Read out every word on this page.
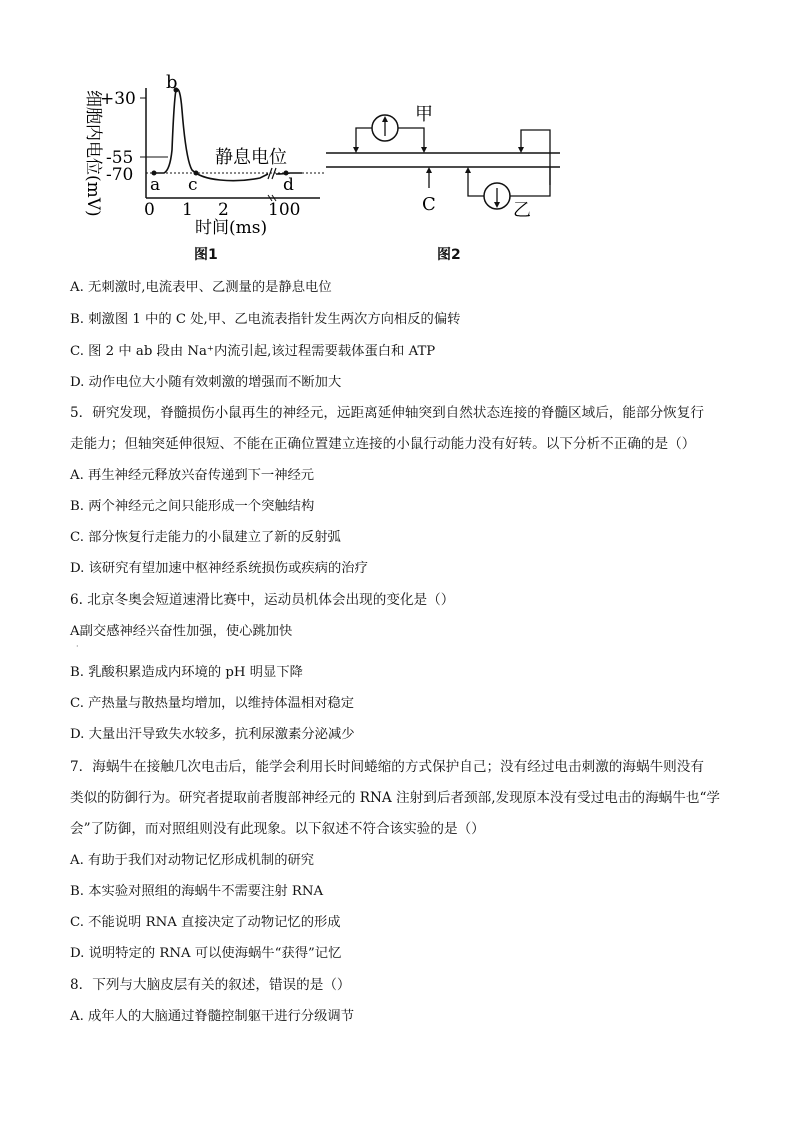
细胞内电位(mV)
+30
-55
-70 a
b
c	d
静息电位
0 1 2 100
时间(ms)
甲
乙
C
图1	图2
A. 无刺激时,电流表甲、乙测量的是静息电位
B. 刺激图 1 中的 C 处,甲、乙电流表指针发生两次方向相反的偏转
C. 图 2 中 ab 段由 Na⁺内流引起,该过程需要载体蛋白和 ATP
D. 动作电位大小随有效刺激的增强而不断加大
5．研究发现，脊髓损伤小鼠再生的神经元，远距离延伸轴突到自然状态连接的脊髓区域后，能部分恢复行
走能力；但轴突延伸很短、不能在正确位置建立连接的小鼠行动能力没有好转。以下分析不正确的是（）
A. 再生神经元释放兴奋传递到下一神经元
B. 两个神经元之间只能形成一个突触结构
C. 部分恢复行走能力的小鼠建立了新的反射弧
D. 该研究有望加速中枢神经系统损伤或疾病的治疗
6. 北京冬奥会短道速滑比赛中，运动员机体会出现的变化是（）
A副交感神经兴奋性加强，使心跳加快
·
B. 乳酸积累造成内环境的 pH 明显下降
C. 产热量与散热量均增加，以维持体温相对稳定
D. 大量出汗导致失水较多，抗利尿激素分泌减少
7．海蜗牛在接触几次电击后，能学会利用长时间蜷缩的方式保护自己；没有经过电击刺激的海蜗牛则没有
类似的防御行为。研究者提取前者腹部神经元的 RNA 注射到后者颈部,发现原本没有受过电击的海蜗牛也“学
会”了防御，而对照组则没有此现象。以下叙述不符合该实验的是（）
A. 有助于我们对动物记忆形成机制的研究
B. 本实验对照组的海蜗牛不需要注射 RNA
C. 不能说明 RNA 直接决定了动物记忆的形成
D. 说明特定的 RNA 可以使海蜗牛“获得”记忆
8．下列与大脑皮层有关的叙述，错误的是（）
A. 成年人的大脑通过脊髓控制躯干进行分级调节
